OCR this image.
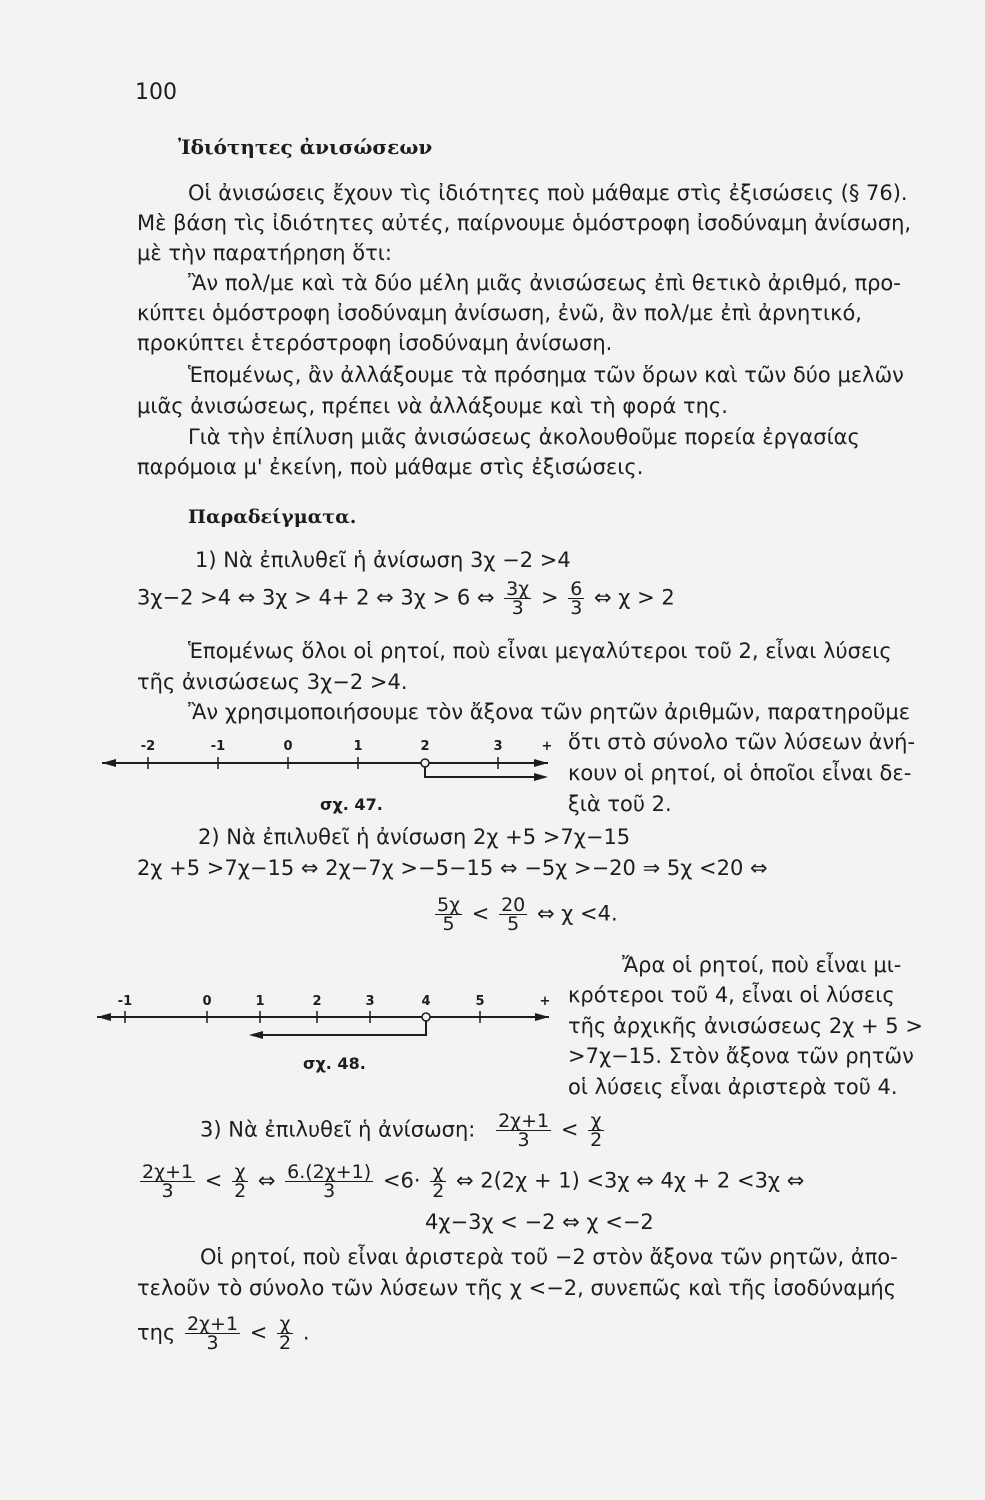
100
Ἰδιότητες ἀνισώσεων
Οἱ ἀνισώσεις ἔχουν τὶς ἰδιότητες ποὺ μάθαμε στὶς ἐξισώσεις (§ 76).
Μὲ βάση τὶς ἰδιότητες αὐτές, παίρνουμε ὁμόστροφη ἰσοδύναμη ἀνίσωση,
μὲ τὴν παρατήρηση ὅτι:
Ἂν πολ/με καὶ τὰ δύο μέλη μιᾶς ἀνισώσεως ἐπὶ θετικὸ ἀριθμό, προ-
κύπτει ὁμόστροφη ἰσοδύναμη ἀνίσωση, ἐνῶ, ἂν πολ/με ἐπὶ ἀρνητικό,
προκύπτει ἑτερόστροφη ἰσοδύναμη ἀνίσωση.
Ἑπομένως, ἂν ἀλλάξουμε τὰ πρόσημα τῶν ὅρων καὶ τῶν δύο μελῶν
μιᾶς ἀνισώσεως, πρέπει νὰ ἀλλάξουμε καὶ τὴ φορά της.
Γιὰ τὴν ἐπίλυση μιᾶς ἀνισώσεως ἀκολουθοῦμε πορεία ἐργασίας
παρόμοια μ' ἐκείνη, ποὺ μάθαμε στὶς ἐξισώσεις.
Παραδείγματα.
1) Νὰ ἐπιλυθεῖ ἡ ἀνίσωση 3χ −2 >4
3χ−2 >4 ⇔ 3χ > 4+ 2 ⇔ 3χ > 6 ⇔ $\frac{3\chi}{3} > \frac{6}{3}$ ⇔ χ > 2
Ἑπομένως ὅλοι οἱ ρητοί, ποὺ εἶναι μεγαλύτεροι τοῦ 2, εἶναι λύσεις
τῆς ἀνισώσεως 3χ−2 >4.
Ἂν χρησιμοποιήσουμε τὸν ἄξονα τῶν ρητῶν ἀριθμῶν, παρατηροῦμε
ὅτι στὸ σύνολο τῶν λύσεων ἀνή-
κουν οἱ ρητοί, οἱ ὁποῖοι εἶναι δε-
ξιὰ τοῦ 2.
-2	-1	0	1	2	3	+
σχ. 47.
2) Νὰ ἐπιλυθεῖ ἡ ἀνίσωση 2χ +5 >7χ−15
2χ +5 >7χ−15 ⇔ 2χ−7χ >−5−15 ⇔ −5χ >−20 ⇒ 5χ <20 ⇔
$\frac{5\chi}{5} < \frac{20}{5}$ ⇔ χ <4.
Ἄρα οἱ ρητοί, ποὺ εἶναι μι-
κρότεροι τοῦ 4, εἶναι οἱ λύσεις
τῆς ἀρχικῆς ἀνισώσεως 2χ + 5 >
>7χ−15. Στὸν ἄξονα τῶν ρητῶν
οἱ λύσεις εἶναι ἀριστερὰ τοῦ 4.
-1	0	1	2	3	4	5	+
σχ. 48.
3) Νὰ ἐπιλυθεῖ ἡ ἀνίσωση: $\frac{2\chi+1}{3} < \frac{\chi}{2}$
$\frac{2\chi+1}{3} < \frac{\chi}{2}$ ⇔ $\frac{6.(2\chi+1)}{3} <6\cdot \frac{\chi}{2}$ ⇔ 2(2χ + 1) <3χ ⇔ 4χ + 2 <3χ ⇔
4χ−3χ < −2 ⇔ χ <−2
Οἱ ρητοί, ποὺ εἶναι ἀριστερὰ τοῦ −2 στὸν ἄξονα τῶν ρητῶν, ἀπο-
τελοῦν τὸ σύνολο τῶν λύσεων τῆς χ <−2, συνεπῶς καὶ τῆς ἰσοδύναμής
της $\frac{2\chi+1}{3} < \frac{\chi}{2}$ .
